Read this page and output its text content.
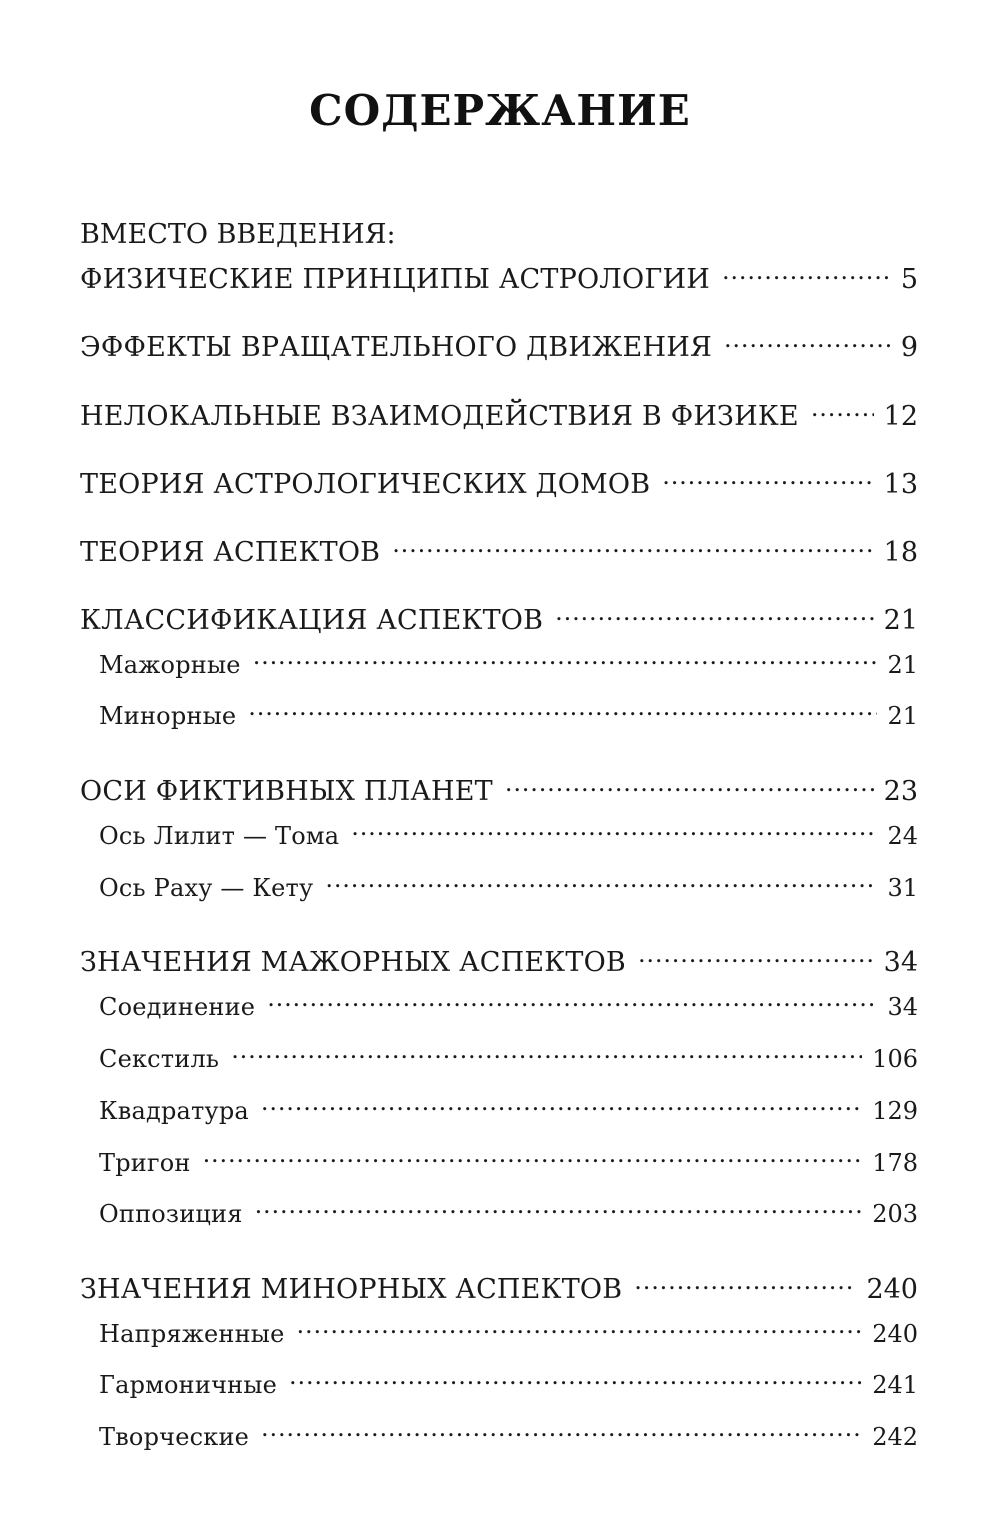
СОДЕРЖАНИЕ
ВМЕСТО ВВЕДЕНИЯ:
ФИЗИЧЕСКИЕ ПРИНЦИПЫ АСТРОЛОГИИ . . .	5
ЭФФЕКТЫ ВРАЩАТЕЛЬНОГО ДВИЖЕНИЯ . . .	9
НЕЛОКАЛЬНЫЕ ВЗАИМОДЕЙСТВИЯ В ФИЗИКЕ . . .	12
ТЕОРИЯ АСТРОЛОГИЧЕСКИХ ДОМОВ . . .	13
ТЕОРИЯ АСПЕКТОВ . . .	18
КЛАССИФИКАЦИЯ АСПЕКТОВ . . .	21
Мажорные . . .	21
Минорные . . .	21
ОСИ ФИКТИВНЫХ ПЛАНЕТ . . .	23
Ось Лилит — Тома . . .	24
Ось Раху — Кету . . .	31
ЗНАЧЕНИЯ МАЖОРНЫХ АСПЕКТОВ . . .	34
Соединение . . .	34
Секстиль . . .	106
Квадратура . . .	129
Тригон . . .	178
Оппозиция . . .	203
ЗНАЧЕНИЯ МИНОРНЫХ АСПЕКТОВ . . .	240
Напряженные . . .	240
Гармоничные . . .	241
Творческие . . .	242
